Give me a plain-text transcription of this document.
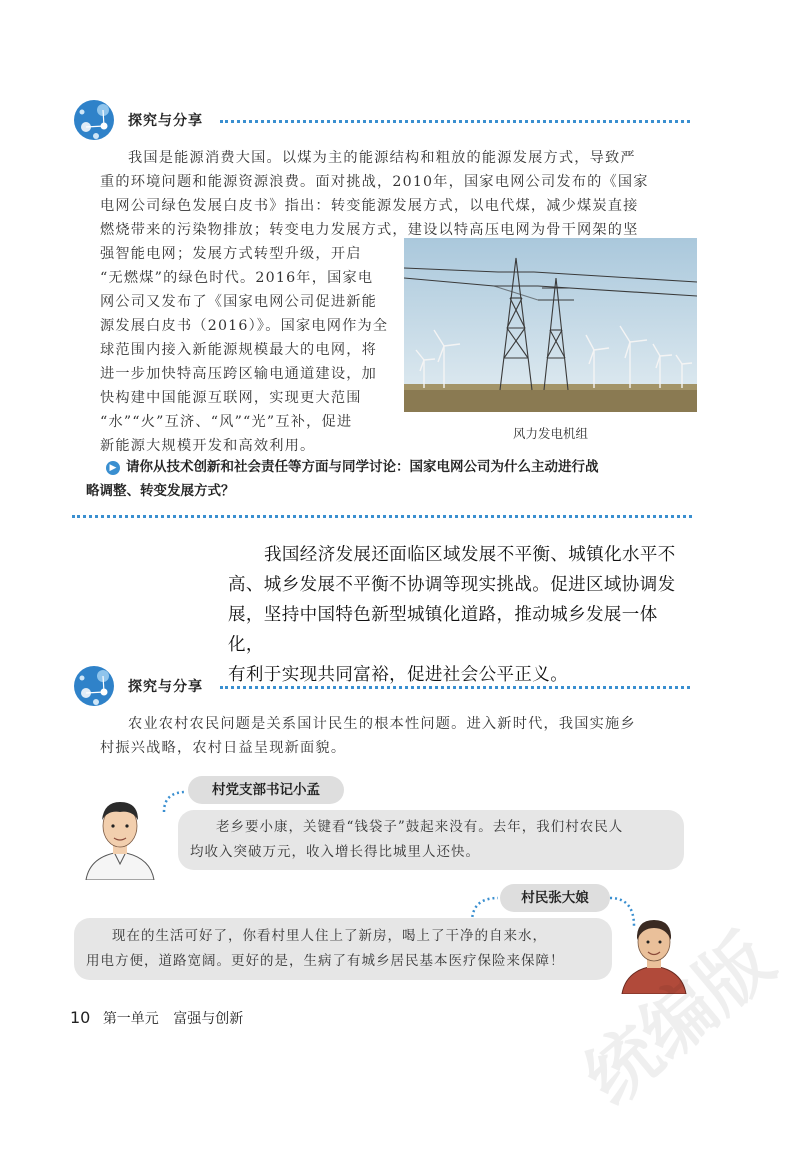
探究与分享

我国是能源消费大国。以煤为主的能源结构和粗放的能源发展方式，导致严

重的环境问题和能源资源浪费。面对挑战，2010年，国家电网公司发布的《国家

电网公司绿色发展白皮书》指出：转变能源发展方式，以电代煤，减少煤炭直接

燃烧带来的污染物排放；转变电力发展方式，建设以特高压电网为骨干网架的坚

强智能电网；发展方式转型升级，开启

“无燃煤”的绿色时代。2016年，国家电

网公司又发布了《国家电网公司促进新能

源发展白皮书（2016）》。国家电网作为全

球范围内接入新能源规模最大的电网，将

进一步加快特高压跨区输电通道建设，加

快构建中国能源互联网，实现更大范围

“水”“火”互济、“风”“光”互补，促进

新能源大规模开发和高效利用。

风力发电机组
▶ 请你从技术创新和社会责任等方面与同学讨论：国家电网公司为什么主动进行战
略调整、转变发展方式？

我国经济发展还面临区域发展不平衡、城镇化水平不

高、城乡发展不平衡不协调等现实挑战。促进区域协调发

展，坚持中国特色新型城镇化道路，推动城乡发展一体化，

有利于实现共同富裕，促进社会公平正义。

探究与分享

农业农村农民问题是关系国计民生的根本性问题。进入新时代，我国实施乡

村振兴战略，农村日益呈现新面貌。

村党支部书记小孟
老乡要小康，关键看“钱袋子”鼓起来没有。去年，我们村农民人
均收入突破万元，收入增长得比城里人还快。
村民张大娘
现在的生活可好了，你看村里人住上了新房，喝上了干净的自来水，
用电方便，道路宽阔。更好的是，生病了有城乡居民基本医疗保险来保障！ 统编版
10 第一单元 富强与创新
